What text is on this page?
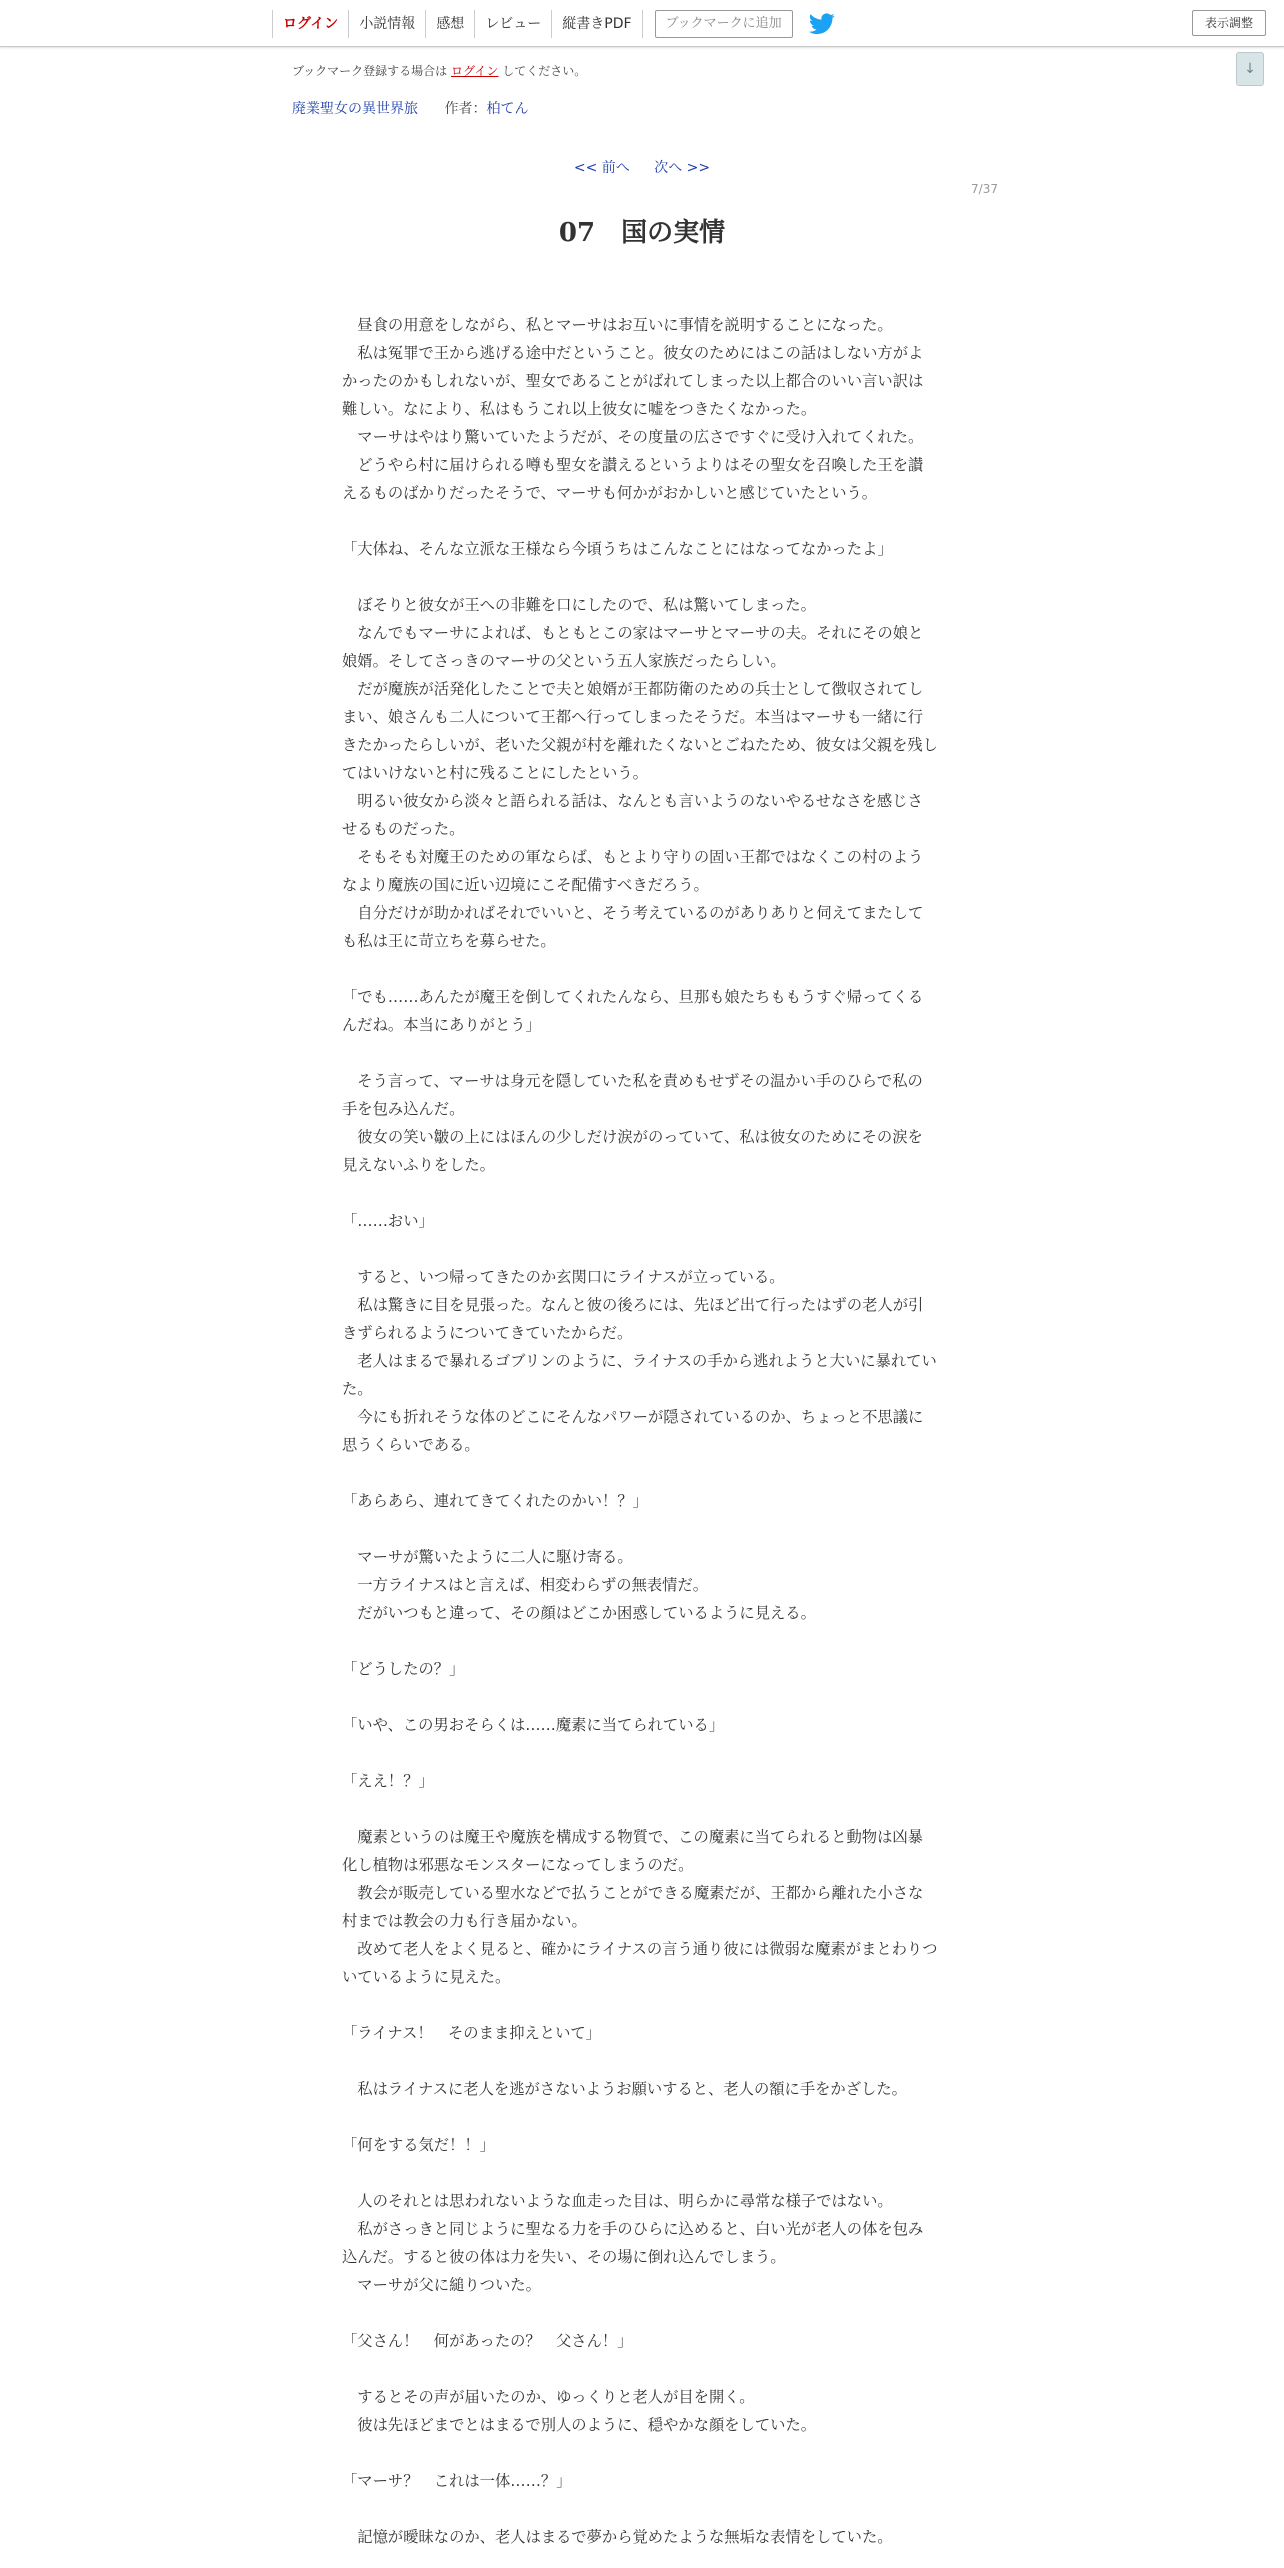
ログイン	小説情報	感想	レビュー	縦書きPDF	ブックマークに追加	表示調整
↓
ブックマーク登録する場合は ログイン してください。
廃業聖女の異世界旅 作者：柏てん
<< 前へ 次へ >>
7/37
07　国の実情

　昼食の用意をしながら、私とマーサはお互いに事情を説明することになった。

　私は冤罪で王から逃げる途中だということ。彼女のためにはこの話はしない方がよかったのかもしれないが、聖女であることがばれてしまった以上都合のいい言い訳は難しい。なにより、私はもうこれ以上彼女に嘘をつきたくなかった。

　マーサはやはり驚いていたようだが、その度量の広さですぐに受け入れてくれた。

　どうやら村に届けられる噂も聖女を讃えるというよりはその聖女を召喚した王を讃えるものばかりだったそうで、マーサも何かがおかしいと感じていたという。

「大体ね、そんな立派な王様なら今頃うちはこんなことにはなってなかったよ」

　ぼそりと彼女が王への非難を口にしたので、私は驚いてしまった。

　なんでもマーサによれば、もともとこの家はマーサとマーサの夫。それにその娘と娘婿。そしてさっきのマーサの父という五人家族だったらしい。

　だが魔族が活発化したことで夫と娘婿が王都防衛のための兵士として徴収されてしまい、娘さんも二人について王都へ行ってしまったそうだ。本当はマーサも一緒に行きたかったらしいが、老いた父親が村を離れたくないとごねたため、彼女は父親を残してはいけないと村に残ることにしたという。

　明るい彼女から淡々と語られる話は、なんとも言いようのないやるせなさを感じさせるものだった。

　そもそも対魔王のための軍ならば、もとより守りの固い王都ではなくこの村のようなより魔族の国に近い辺境にこそ配備すべきだろう。

　自分だけが助かればそれでいいと、そう考えているのがありありと伺えてまたしても私は王に苛立ちを募らせた。

「でも……あんたが魔王を倒してくれたんなら、旦那も娘たちももうすぐ帰ってくるんだね。本当にありがとう」

　そう言って、マーサは身元を隠していた私を責めもせずその温かい手のひらで私の手を包み込んだ。

　彼女の笑い皺の上にはほんの少しだけ涙がのっていて、私は彼女のためにその涙を見えないふりをした。

「……おい」

　すると、いつ帰ってきたのか玄関口にライナスが立っている。

　私は驚きに目を見張った。なんと彼の後ろには、先ほど出て行ったはずの老人が引きずられるようについてきていたからだ。

　老人はまるで暴れるゴブリンのように、ライナスの手から逃れようと大いに暴れていた。

　今にも折れそうな体のどこにそんなパワーが隠されているのか、ちょっと不思議に思うくらいである。

「あらあら、連れてきてくれたのかい！？」

　マーサが驚いたように二人に駆け寄る。

　一方ライナスはと言えば、相変わらずの無表情だ。

　だがいつもと違って、その顔はどこか困惑しているように見える。

「どうしたの？」

「いや、この男おそらくは……魔素に当てられている」

「ええ！？」

　魔素というのは魔王や魔族を構成する物質で、この魔素に当てられると動物は凶暴化し植物は邪悪なモンスターになってしまうのだ。

　教会が販売している聖水などで払うことができる魔素だが、王都から離れた小さな村までは教会の力も行き届かない。

　改めて老人をよく見ると、確かにライナスの言う通り彼には微弱な魔素がまとわりついているように見えた。

「ライナス！　そのまま抑えといて」

　私はライナスに老人を逃がさないようお願いすると、老人の額に手をかざした。

「何をする気だ！！」

　人のそれとは思われないような血走った目は、明らかに尋常な様子ではない。

　私がさっきと同じように聖なる力を手のひらに込めると、白い光が老人の体を包み込んだ。すると彼の体は力を失い、その場に倒れ込んでしまう。

　マーサが父に縋りついた。

「父さん！　何があったの？　父さん！」

　するとその声が届いたのか、ゆっくりと老人が目を開く。

　彼は先ほどまでとはまるで別人のように、穏やかな顔をしていた。

「マーサ？　これは一体……？」

　記憶が曖昧なのか、老人はまるで夢から覚めたような無垢な表情をしていた。
